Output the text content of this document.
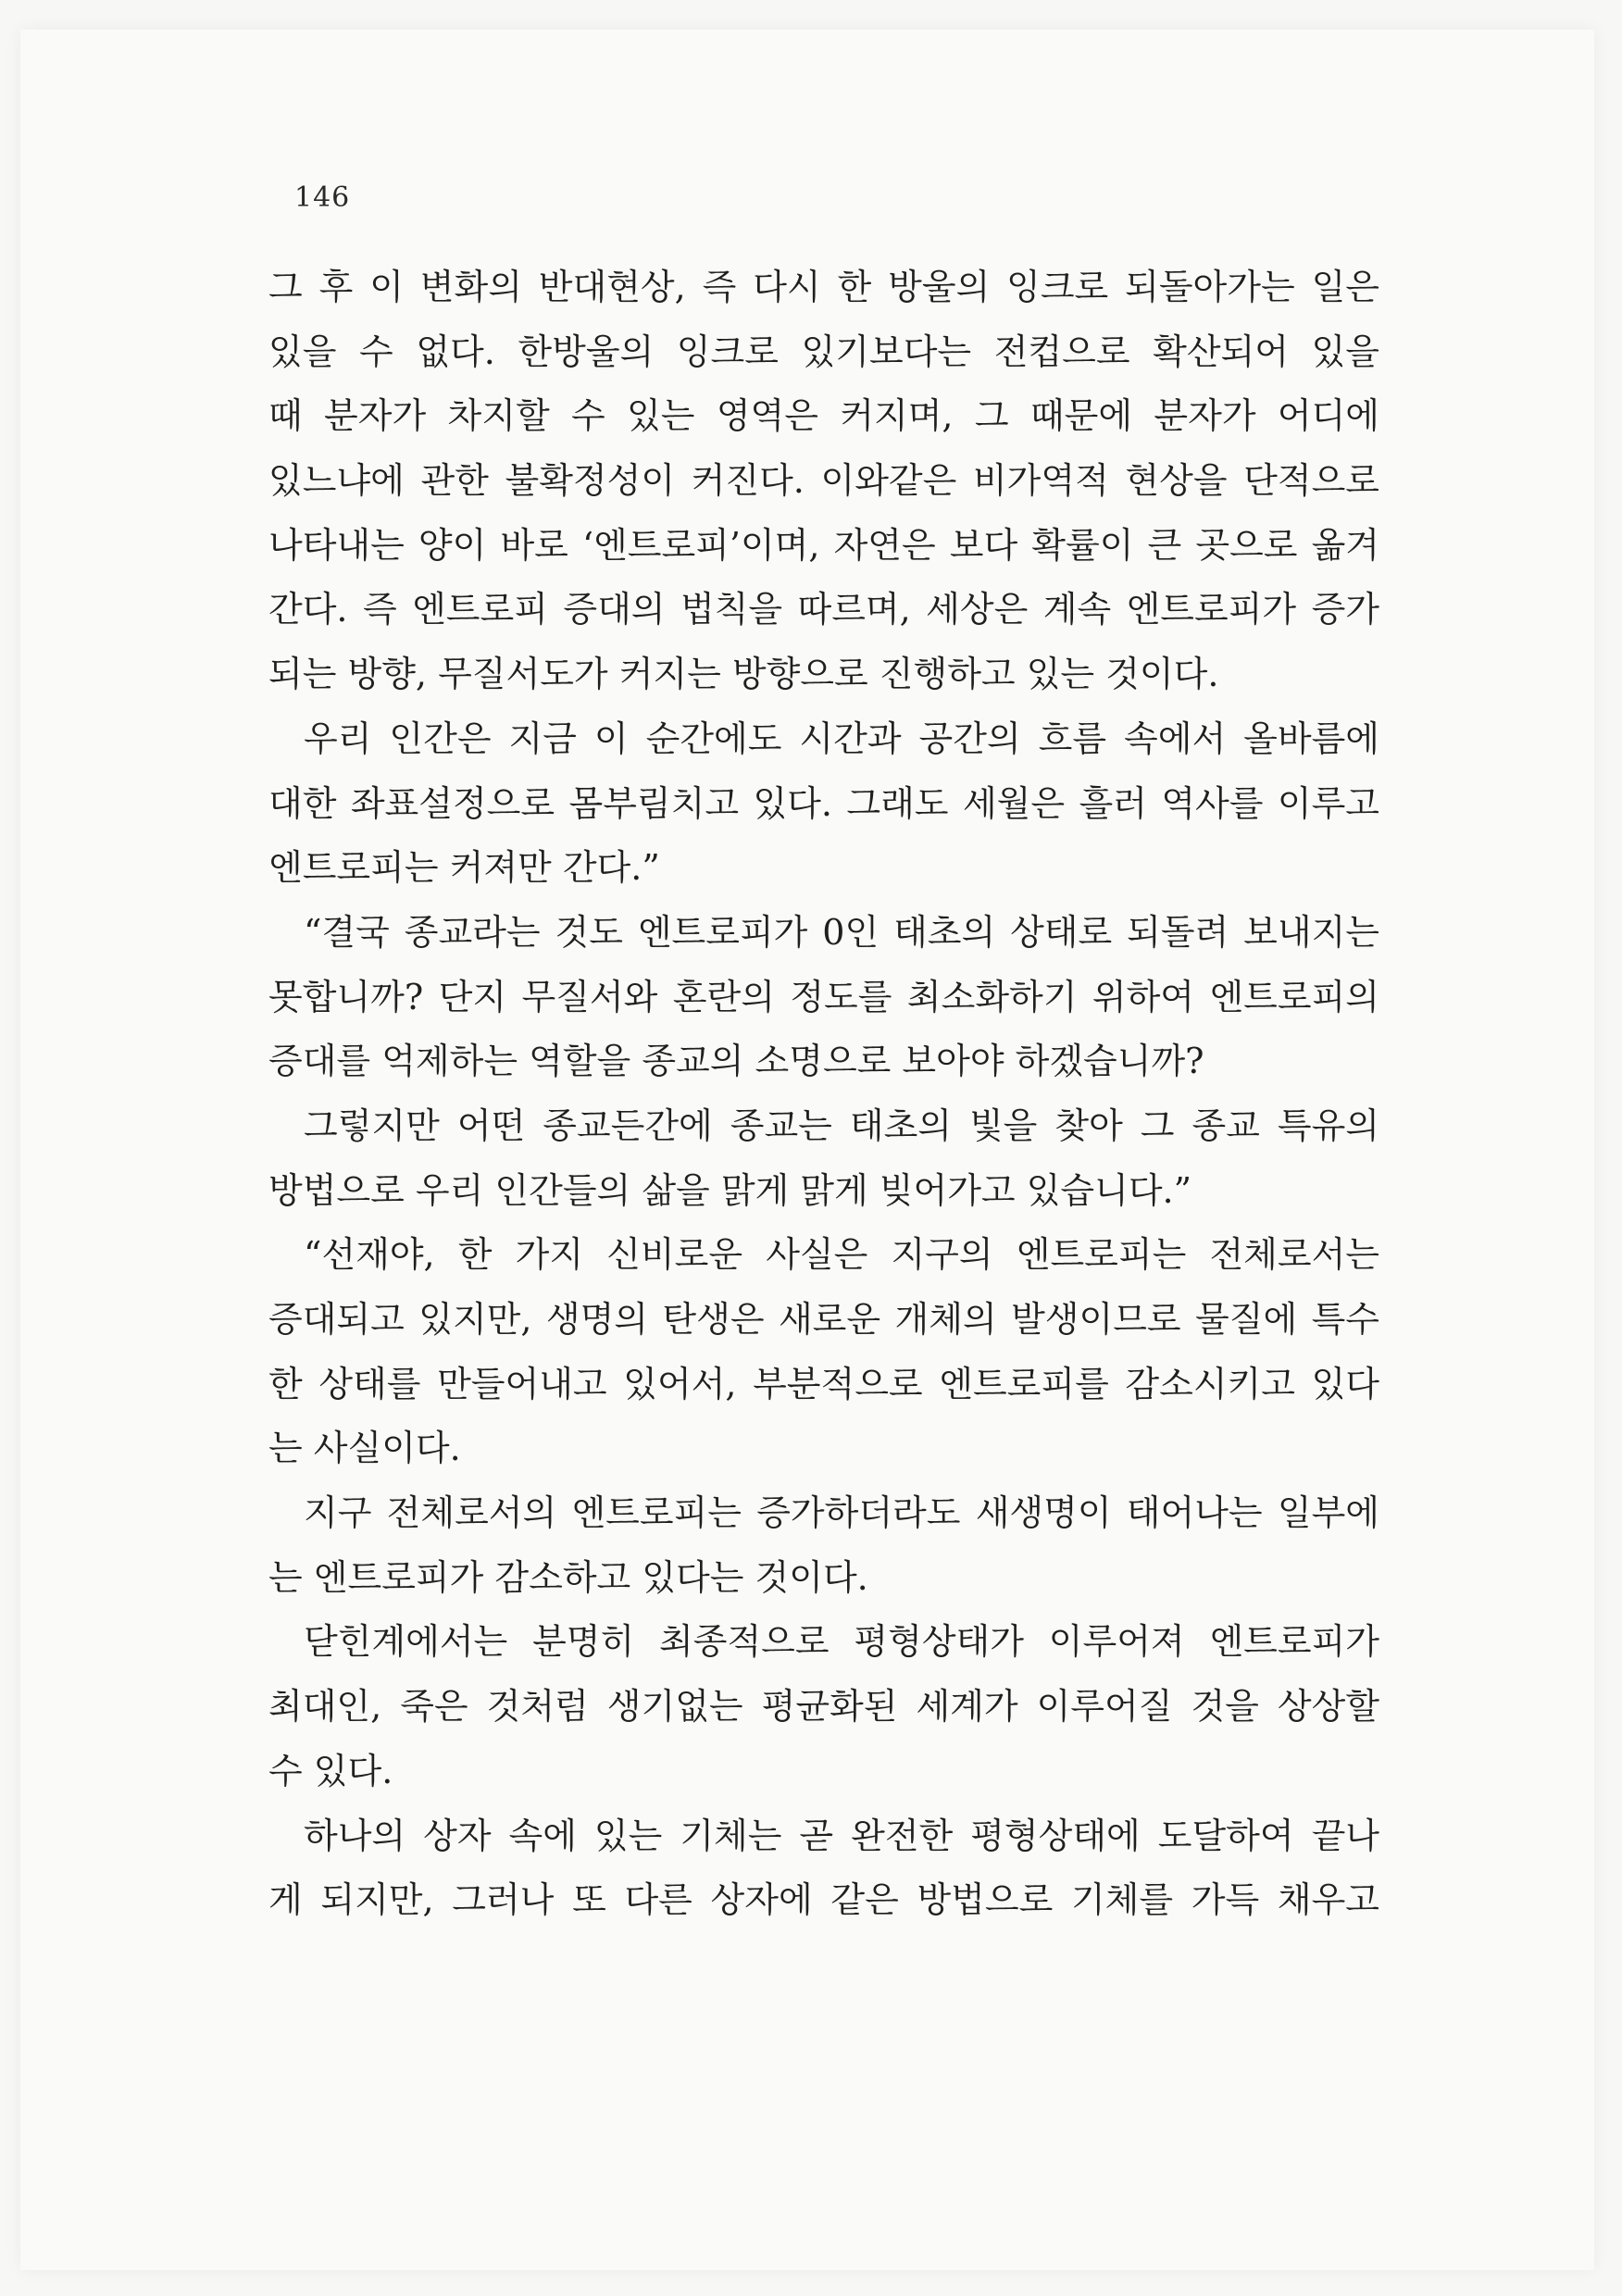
146
그 후 이 변화의 반대현상, 즉 다시 한 방울의 잉크로 되돌아가는 일은
있을 수 없다. 한방울의 잉크로 있기보다는 전컵으로 확산되어 있을
때 분자가 차지할 수 있는 영역은 커지며, 그 때문에 분자가 어디에
있느냐에 관한 불확정성이 커진다. 이와같은 비가역적 현상을 단적으로
나타내는 양이 바로 ‘엔트로피’이며, 자연은 보다 확률이 큰 곳으로 옮겨
간다. 즉 엔트로피 증대의 법칙을 따르며, 세상은 계속 엔트로피가 증가
되는 방향, 무질서도가 커지는 방향으로 진행하고 있는 것이다.
우리 인간은 지금 이 순간에도 시간과 공간의 흐름 속에서 올바름에
대한 좌표설정으로 몸부림치고 있다. 그래도 세월은 흘러 역사를 이루고
엔트로피는 커져만 간다.”
“결국 종교라는 것도 엔트로피가 0인 태초의 상태로 되돌려 보내지는
못합니까? 단지 무질서와 혼란의 정도를 최소화하기 위하여 엔트로피의
증대를 억제하는 역할을 종교의 소명으로 보아야 하겠습니까?
그렇지만 어떤 종교든간에 종교는 태초의 빛을 찾아 그 종교 특유의
방법으로 우리 인간들의 삶을 맑게 맑게 빚어가고 있습니다.”
“선재야, 한 가지 신비로운 사실은 지구의 엔트로피는 전체로서는
증대되고 있지만, 생명의 탄생은 새로운 개체의 발생이므로 물질에 특수
한 상태를 만들어내고 있어서, 부분적으로 엔트로피를 감소시키고 있다
는 사실이다.
지구 전체로서의 엔트로피는 증가하더라도 새생명이 태어나는 일부에
는 엔트로피가 감소하고 있다는 것이다.
닫힌계에서는 분명히 최종적으로 평형상태가 이루어져 엔트로피가
최대인, 죽은 것처럼 생기없는 평균화된 세계가 이루어질 것을 상상할
수 있다.
하나의 상자 속에 있는 기체는 곧 완전한 평형상태에 도달하여 끝나
게 되지만, 그러나 또 다른 상자에 같은 방법으로 기체를 가득 채우고
